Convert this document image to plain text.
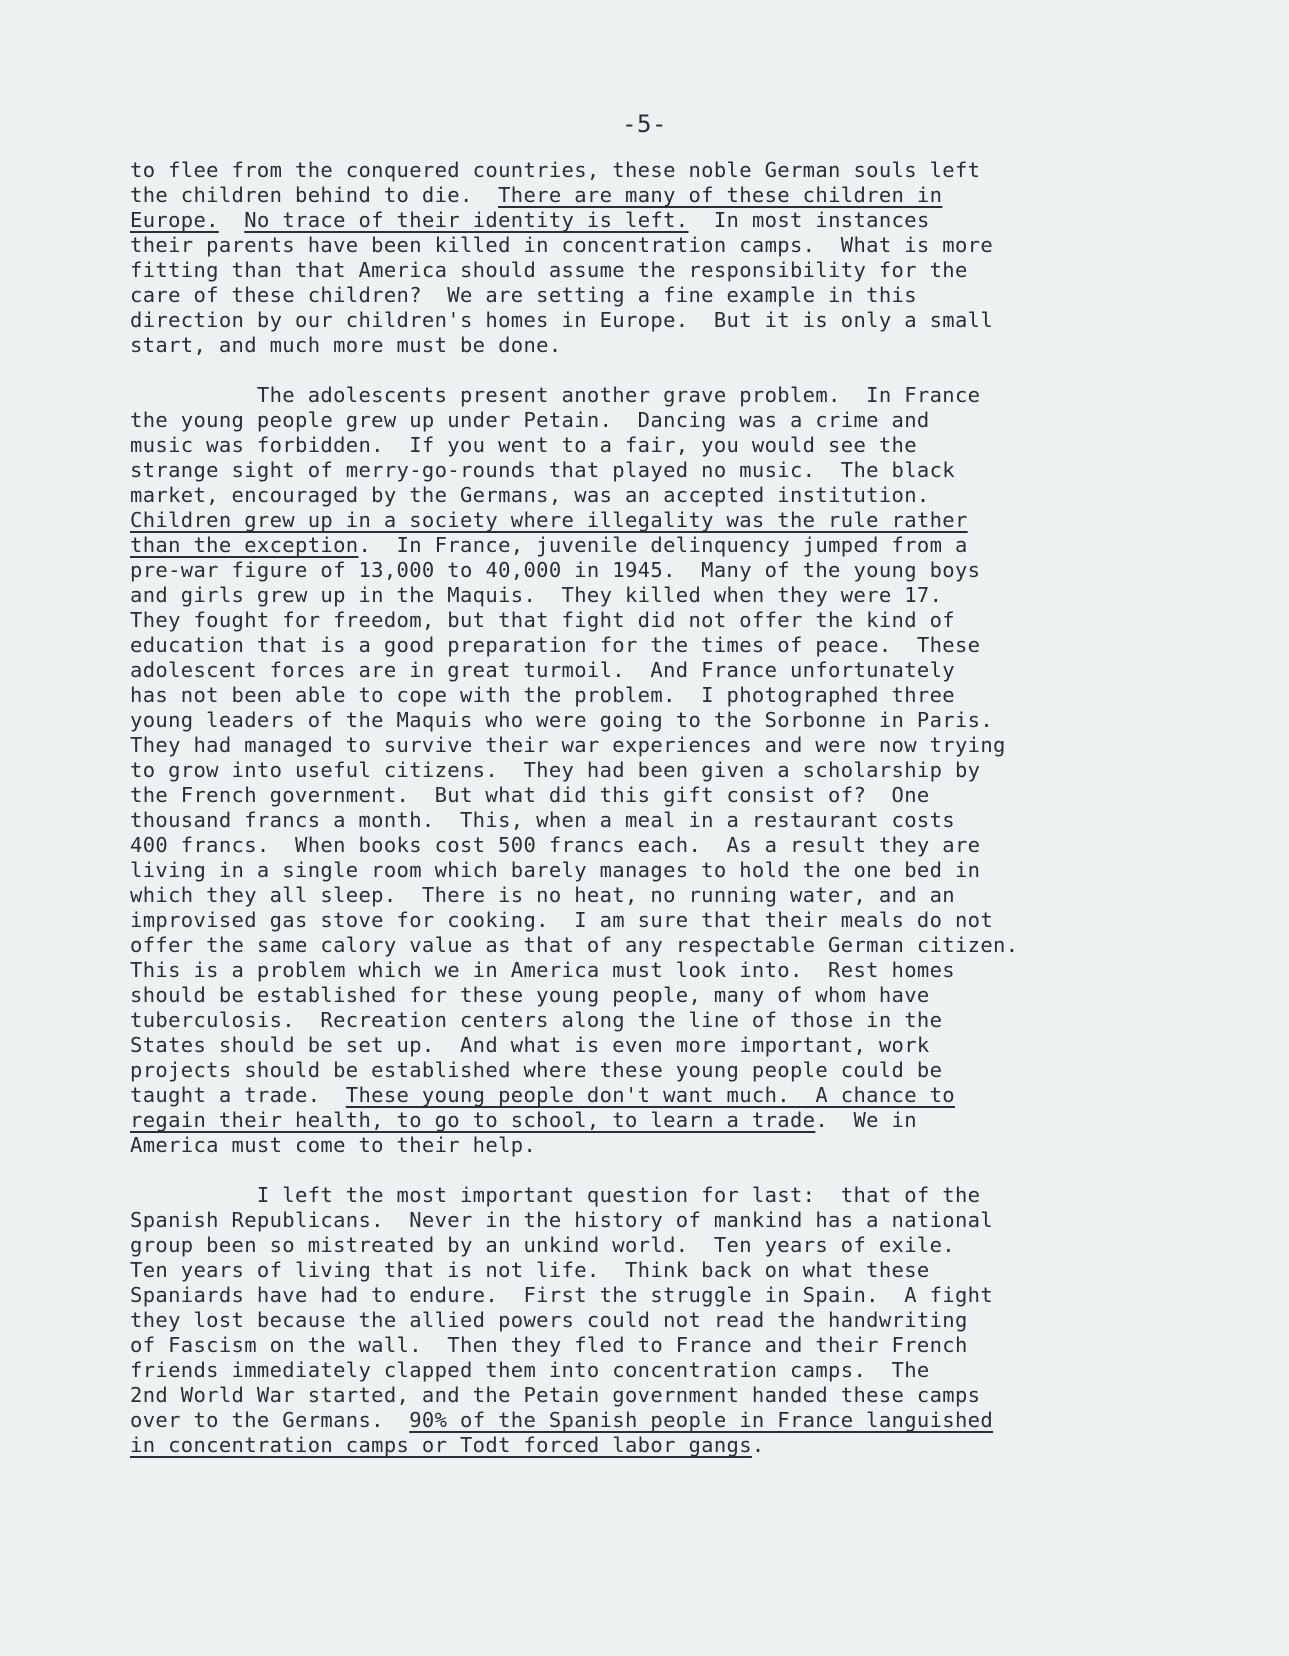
-5-
to flee from the conquered countries, these noble German souls left
the children behind to die.  There are many of these children in
Europe. No trace of their identity is left.  In most instances
their parents have been killed in concentration camps.  What is more
fitting than that America should assume the responsibility for the
care of these children?  We are setting a fine example in this
direction by our children's homes in Europe.  But it is only a small
start, and much more must be done.
The adolescents present another grave problem.  In France
the young people grew up under Petain.  Dancing was a crime and
music was forbidden.  If you went to a fair, you would see the
strange sight of merry-go-rounds that played no music.  The black
market, encouraged by the Germans, was an accepted institution.
Children grew up in a society where illegality was the rule rather
than the exception.  In France, juvenile delinquency jumped from a
pre-war figure of 13,000 to 40,000 in 1945.  Many of the young boys
and girls grew up in the Maquis.  They killed when they were 17.
They fought for freedom, but that fight did not offer the kind of
education that is a good preparation for the times of peace.  These
adolescent forces are in great turmoil.  And France unfortunately
has not been able to cope with the problem.  I photographed three
young leaders of the Maquis who were going to the Sorbonne in Paris.
They had managed to survive their war experiences and were now trying
to grow into useful citizens.  They had been given a scholarship by
the French government.  But what did this gift consist of?  One
thousand francs a month.  This, when a meal in a restaurant costs
400 francs.  When books cost 500 francs each.  As a result they are
living in a single room which barely manages to hold the one bed in
which they all sleep.  There is no heat, no running water, and an
improvised gas stove for cooking.  I am sure that their meals do not
offer the same calory value as that of any respectable German citizen.
This is a problem which we in America must look into.  Rest homes
should be established for these young people, many of whom have
tuberculosis.  Recreation centers along the line of those in the
States should be set up.  And what is even more important, work
projects should be established where these young people could be
taught a trade.  These young people don't want much.  A chance to
regain their health, to go to school, to learn a trade.  We in
America must come to their help.
I left the most important question for last:  that of the
Spanish Republicans.  Never in the history of mankind has a national
group been so mistreated by an unkind world.  Ten years of exile.
Ten years of living that is not life.  Think back on what these
Spaniards have had to endure.  First the struggle in Spain.  A fight
they lost because the allied powers could not read the handwriting
of Fascism on the wall.  Then they fled to France and their French
friends immediately clapped them into concentration camps.  The
2nd World War started, and the Petain government handed these camps
over to the Germans.  90% of the Spanish people in France languished
in concentration camps or Todt forced labor gangs.
